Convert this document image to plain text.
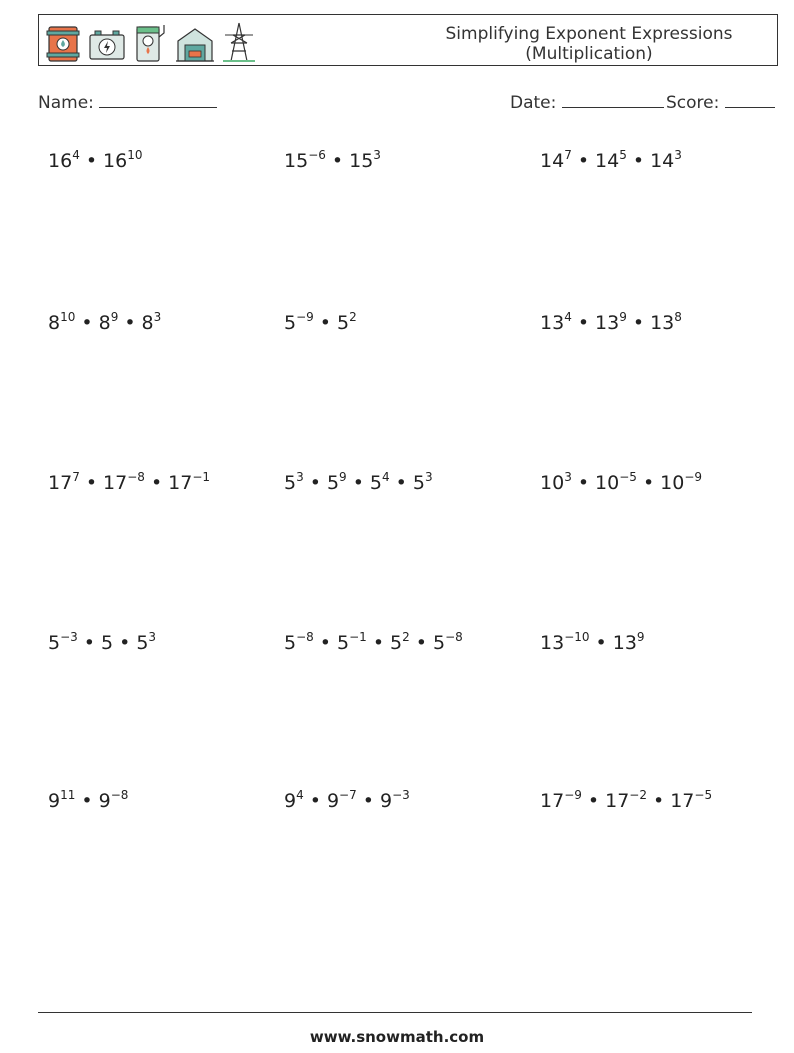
Simplifying Exponent Expressions
(Multiplication)
Name:	Date:	Score:
$16^4$ • $16^{10}$	$15^{-6}$ • $15^3$	$14^7$ • $14^5$ • $14^3$
$8^{10}$ • $8^9$ • $8^3$	$5^{-9}$ • $5^2$	$13^4$ • $13^9$ • $13^8$
$17^7$ • $17^{-8}$ • $17^{-1}$	$5^3$ • $5^9$ • $5^4$ • $5^3$	$10^3$ • $10^{-5}$ • $10^{-9}$
$5^{-3}$ • 5 • $5^3$	$5^{-8}$ • $5^{-1}$ • $5^2$ • $5^{-8}$	$13^{-10}$ • $13^9$
$9^{11}$ • $9^{-8}$	$9^4$ • $9^{-7}$ • $9^{-3}$	$17^{-9}$ • $17^{-2}$ • $17^{-5}$
www.snowmath.com
